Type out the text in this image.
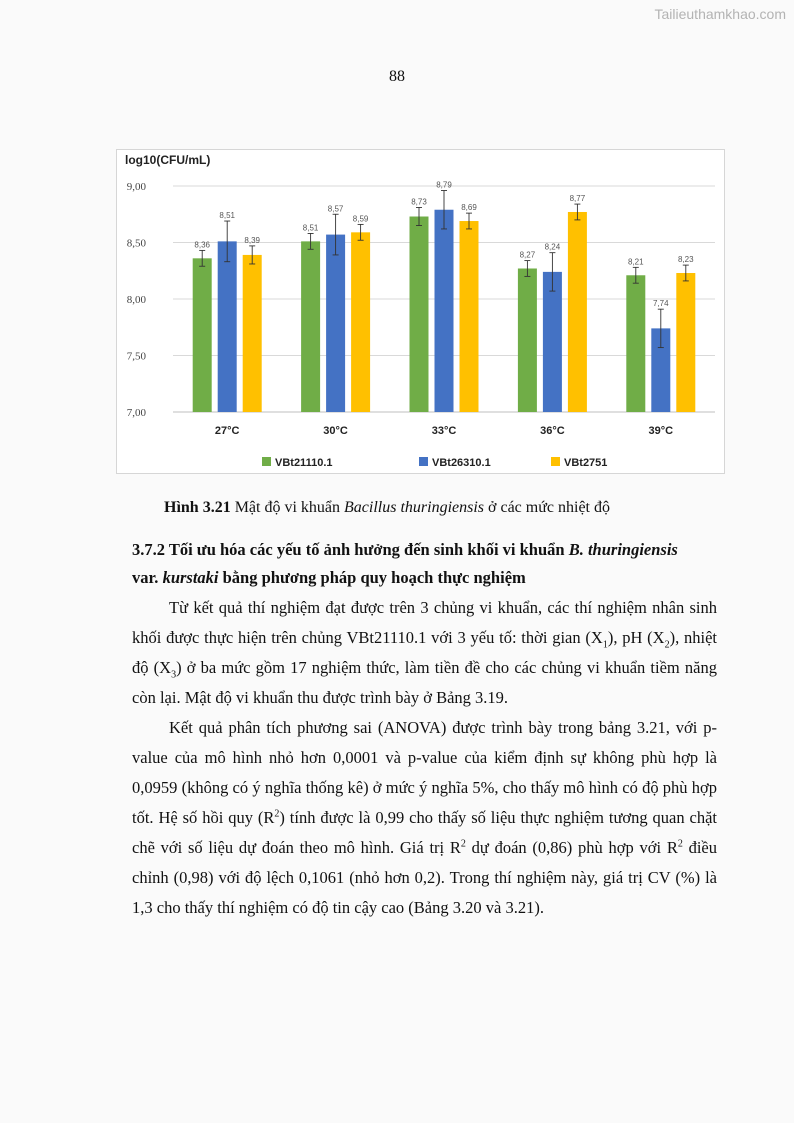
Tailieuthamkhao.com
88
log10(CFU/mL)
7,00
7,50
8,00
8,50
9,00
8,36
8,51
8,39
27°C
8,51
8,57
8,59
30°C
8,73
8,79
8,69
33°C
8,27
8,24
8,77
36°C
8,21
7,74
8,23
39°C
VBt21110.1	VBt26310.1	VBt2751
Hình 3.21 Mật độ vi khuẩn Bacillus thuringiensis ở các mức nhiệt độ
3.7.2 Tối ưu hóa các yếu tố ảnh hưởng đến sinh khối vi khuẩn B. thuringiensis
var. kurstaki bằng phương pháp quy hoạch thực nghiệm
Từ kết quả thí nghiệm đạt được trên 3 chủng vi khuẩn, các thí nghiệm nhân sinh khối được thực hiện trên chủng VBt21110.1 với 3 yếu tố: thời gian $(X_1)$, pH $(X_2)$, nhiệt độ $(X_3)$ ở ba mức gồm 17 nghiệm thức, làm tiền đề cho các chủng vi khuẩn tiềm năng còn lại. Mật độ vi khuẩn thu được trình bày ở Bảng 3.19.
Kết quả phân tích phương sai (ANOVA) được trình bày trong bảng 3.21, với p-value của mô hình nhỏ hơn 0,0001 và p-value của kiểm định sự không phù hợp là 0,0959 (không có ý nghĩa thống kê) ở mức ý nghĩa 5%, cho thấy mô hình có độ phù hợp tốt. Hệ số hồi quy $(R^2)$ tính được là 0,99 cho thấy số liệu thực nghiệm tương quan chặt chẽ với số liệu dự đoán theo mô hình. Giá trị $R^2$ dự đoán (0,86) phù hợp với $R^2$ điều chỉnh (0,98) với độ lệch 0,1061 (nhỏ hơn 0,2). Trong thí nghiệm này, giá trị CV (%) là 1,3 cho thấy thí nghiệm có độ tin cậy cao (Bảng 3.20 và 3.21).
